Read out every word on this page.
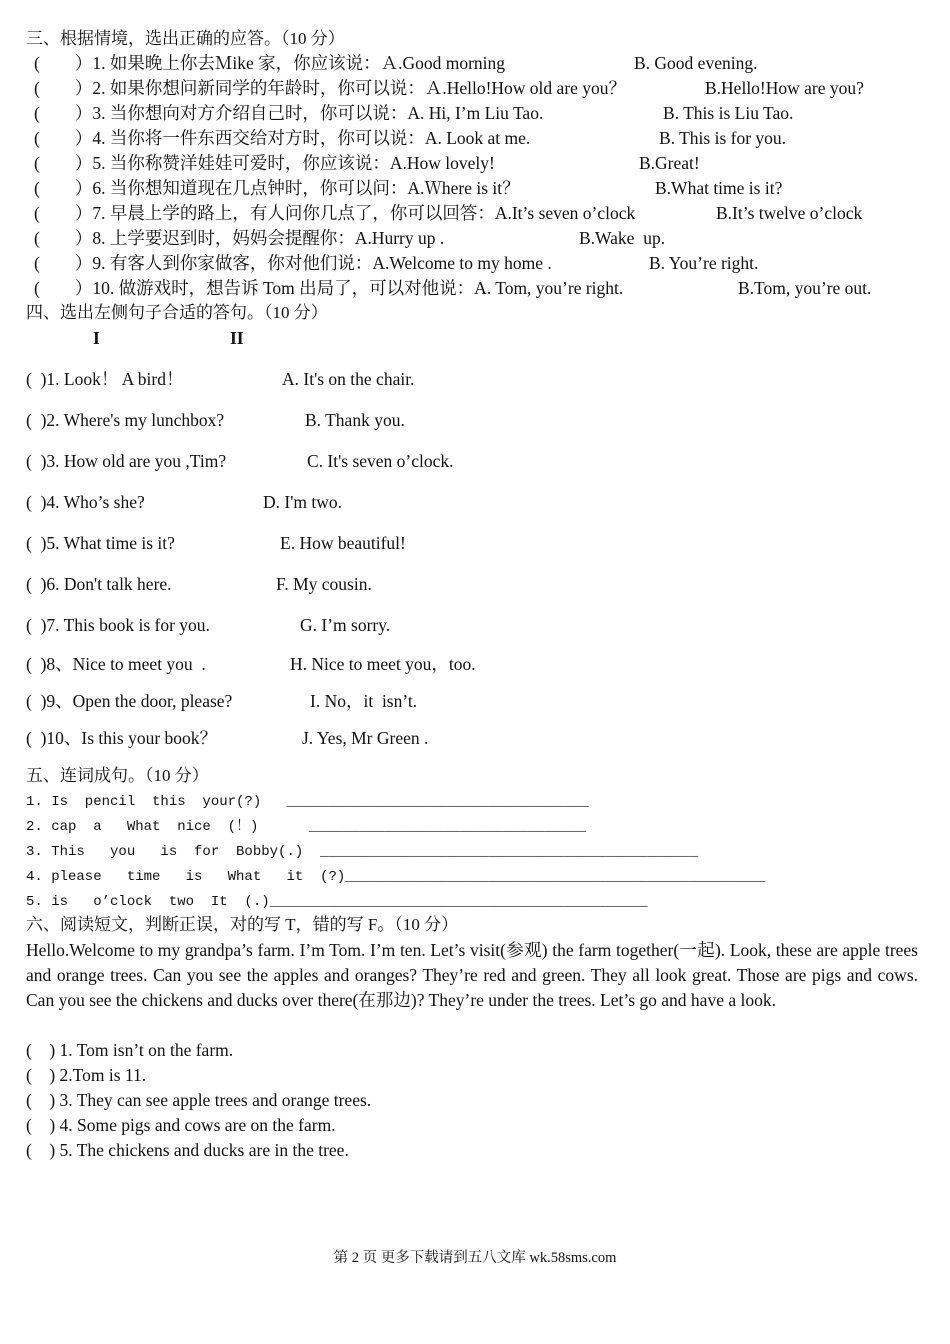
三、根据情境，选出正确的应答。（10 分）
(        ）1. 如果晚上你去Ｍike 家，你应该说：Ａ.Good morning	B. Good evening.
(        ）2. 如果你想问新同学的年龄时，你可以说：Ａ.Hello!How old are you？	B.Hello!How are you?
(        ）3. 当你想向对方介绍自己时，你可以说：A. Hi, I’m Liu Tao.	B. This is Liu Tao.
(        ）4. 当你将一件东西交给对方时，你可以说：A. Look at me.	B. This is for you.
(        ）5. 当你称赞洋娃娃可爱时，你应该说：A.How lovely!	B.Great!
(        ）6. 当你想知道现在几点钟时，你可以问：A.Ｗhere is it？	B.What time is it?
(        ）7. 早晨上学的路上，有人问你几点了，你可以回答：A.It’s seven o’clock	B.It’s twelve o’clock
(        ）8. 上学要迟到时，妈妈会提醒你：A.Hurry up .	B.Wake  up.
(        ）9. 有客人到你家做客，你对他们说：A.Welcome to my home .	B. You’re right.
(        ）10. 做游戏时，想告诉 Tom 出局了，可以对他说：A. Tom, you’re right.	B.Tom, you’re out.
四、选出左侧句子合适的答句。（10 分）
I	II
(  )1. Look！ A bird！	A. It's on the chair.
(  )2. Where's my lunchbox?	B. Thank you.
(  )3. How old are you ,Tim?	C. It's seven o’clock.
(  )4. Who’s she?	D. I'm two.
(  )5. What time is it?	E. How beautiful!
(  )6. Don't talk here.	F. My cousin.
(  )7. This book is for you.	G. I’m sorry.
(  )8、Nice to meet you  .	H. Nice to meet you，too.
(  )9、Open the door, please?	I. No，it  isn’t.
(  )10、Is this your book？	J. Yes, Mr Green .
五、连词成句。（10 分）
1. Is  pencil  this  your(?)   ____________________________________
2. cap  a   What  nice  (！)      _________________________________
3. This   you   is  for  Bobby(.)  _____________________________________________
4. please   time   is   What   it  (?)__________________________________________________
5. is   o’clock  two  It  (.)_____________________________________________
六、阅读短文，判断正误，对的写 T，错的写 F。（10 分）
Hello.Welcome to my grandpa’s farm. I’m Tom. I’m ten. Let’s visit(参观) the farm together(一起). Look, these are apple trees and orange trees. Can you see the apples and oranges? They’re red and green. They all look great. Those are pigs and cows. Can you see the chickens and ducks over there(在那边)? They’re under the trees. Let’s go and have a look.
(    ) 1. Tom isn’t on the farm.
(    ) 2.Tom is 11.
(    ) 3. They can see apple trees and orange trees.
(    ) 4. Some pigs and cows are on the farm.
(    ) 5. The chickens and ducks are in the tree.
第 2 页 更多下载请到五八文库 wk.58sms.com
